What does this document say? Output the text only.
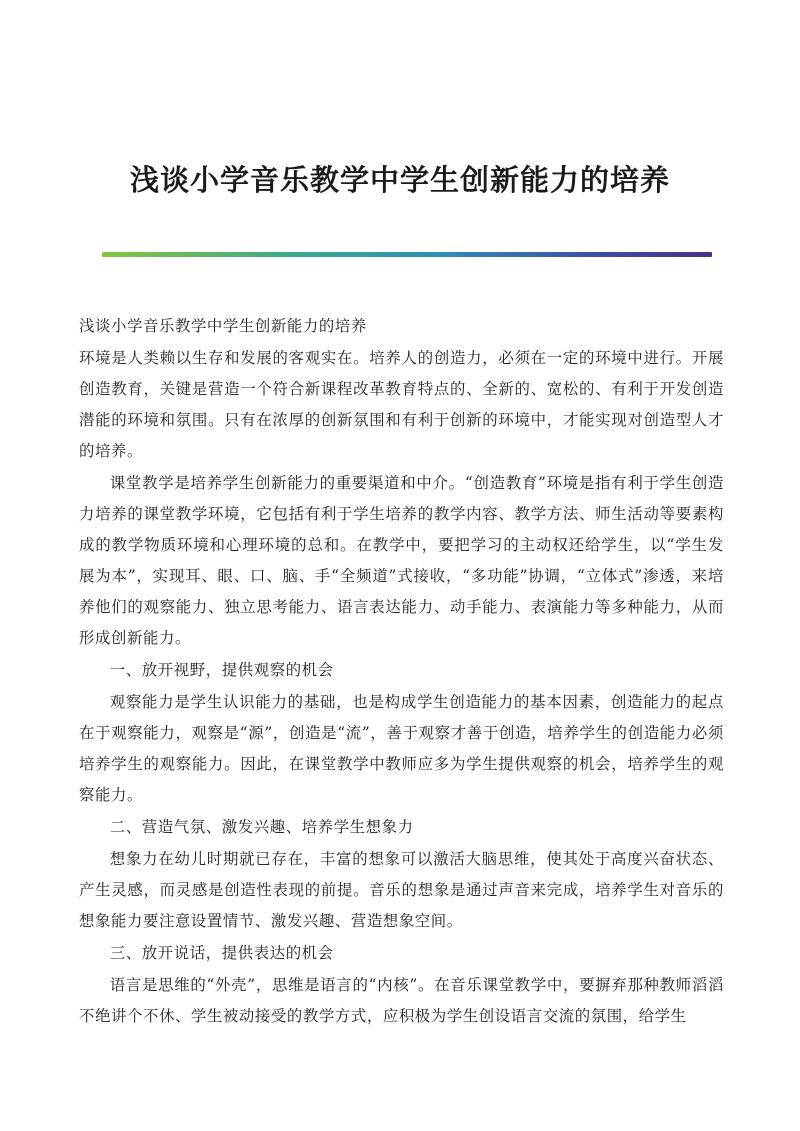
浅谈小学音乐教学中学生创新能力的培养

浅谈小学音乐教学中学生创新能力的培养

环境是人类赖以生存和发展的客观实在。培养人的创造力，必须在一定的环境中进行。开展创造教育，关键是营造一个符合新课程改革教育特点的、全新的、宽松的、有利于开发创造潜能的环境和氛围。只有在浓厚的创新氛围和有利于创新的环境中，才能实现对创造型人才的培养。

课堂教学是培养学生创新能力的重要渠道和中介。“创造教育”环境是指有利于学生创造力培养的课堂教学环境，它包括有利于学生培养的教学内容、教学方法、师生活动等要素构成的教学物质环境和心理环境的总和。在教学中，要把学习的主动权还给学生，以“学生发展为本”，实现耳、眼、口、脑、手“全频道”式接收，“多功能”协调，“立体式”渗透，来培养他们的观察能力、独立思考能力、语言表达能力、动手能力、表演能力等多种能力，从而形成创新能力。

一、放开视野，提供观察的机会

观察能力是学生认识能力的基础，也是构成学生创造能力的基本因素，创造能力的起点在于观察能力，观察是“源”，创造是“流”，善于观察才善于创造，培养学生的创造能力必须培养学生的观察能力。因此，在课堂教学中教师应多为学生提供观察的机会，培养学生的观察能力。

二、营造气氛、激发兴趣、培养学生想象力

想象力在幼儿时期就已存在，丰富的想象可以激活大脑思维，使其处于高度兴奋状态、产生灵感，而灵感是创造性表现的前提。音乐的想象是通过声音来完成，培养学生对音乐的想象能力要注意设置情节、激发兴趣、营造想象空间。

三、放开说话，提供表达的机会

语言是思维的“外壳”，思维是语言的“内核”。在音乐课堂教学中，要摒弃那种教师滔滔不绝讲个不休、学生被动接受的教学方式，应积极为学生创设语言交流的氛围，给学生
